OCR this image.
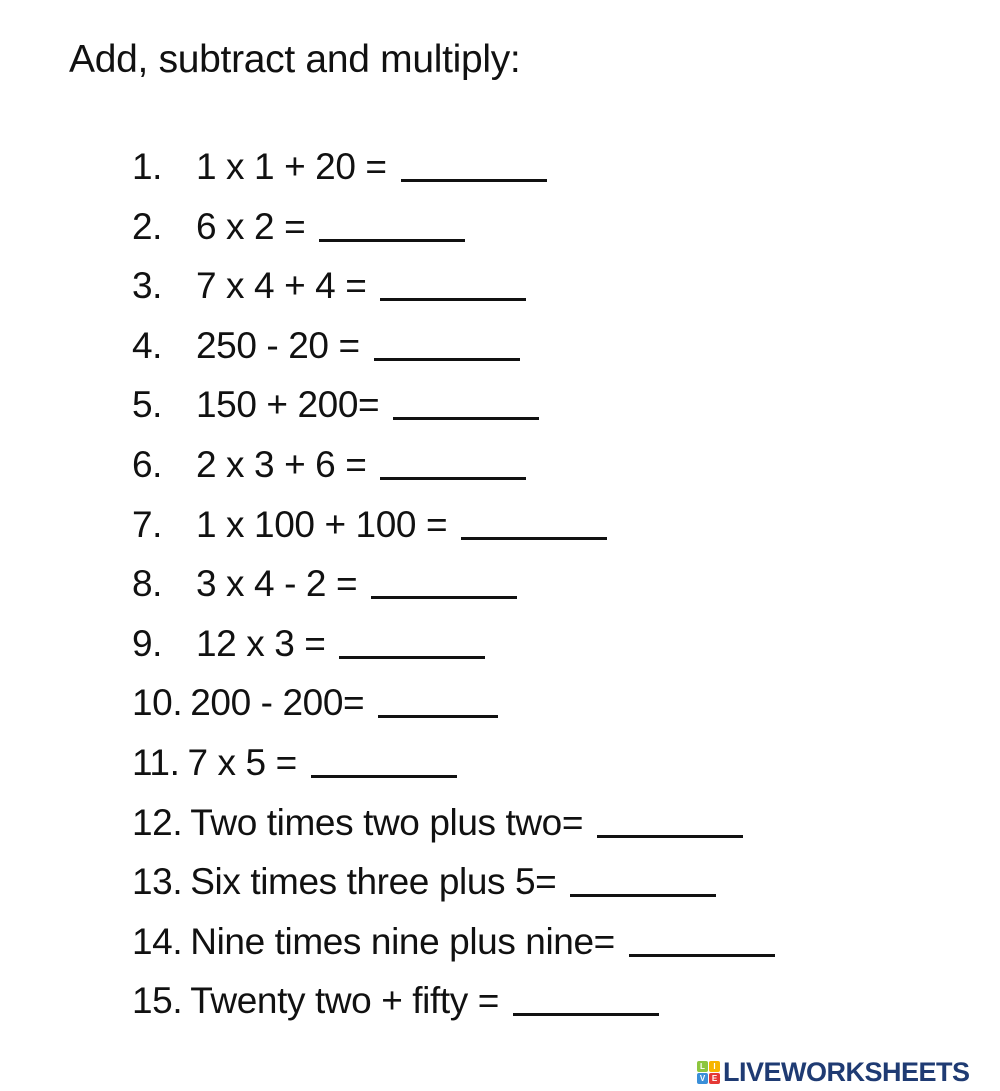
Add, subtract and multiply:
1. 1 x 1 + 20 =
2. 6 x 2 =
3. 7 x 4 + 4 =
4. 250 - 20 =
5. 150 + 200=
6. 2 x 3 + 6 =
7. 1 x 100 + 100 =
8. 3 x 4 - 2 =
9. 12 x 3 =
10. 200 - 200=
11. 7 x 5 =
12. Two times two plus two=
13. Six times three plus 5=
14. Nine times nine plus nine=
15. Twenty two + fifty =
L	I
V E LIVEWORKSHEETS
